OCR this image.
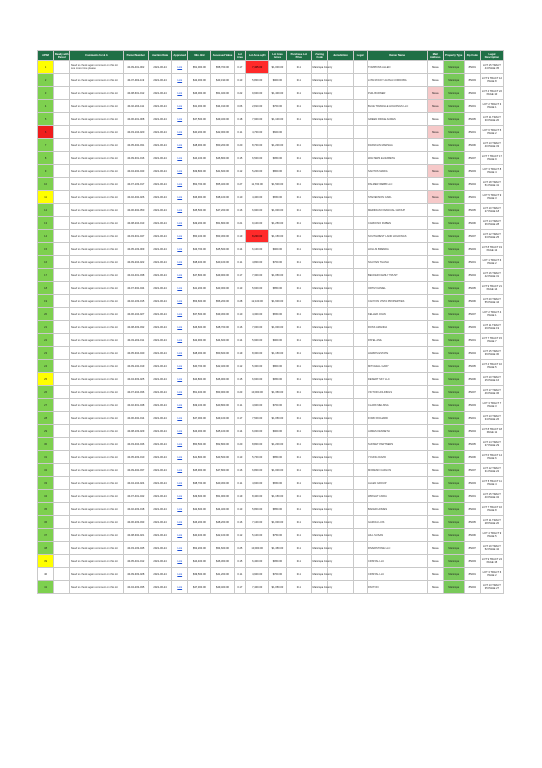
APN#	Ready with Parcel	Comments for & A	Parcel Number	Auction Date	Appraised	Min. Bid	Assessed Value	Lot Area	Lot Area sqFt	Lot Area Acres	Purchase Lot Price	Zoning Code	Jurisdiction	Legal	Owner Name	Mail Address	Property Type	Zip Code	Legal Description
1		Need to check again comment on this lot one more time please	40-09-401-002	2021-06-24	Link	$51,000.00	$58,700.00	0.17	7,405.00	$1,000.00	R-1	Maricopa County			TOMPKINS ALLEN	Mesa	Maricopa	85201	LOT 15 TRACT 44 PAGE 35
2		Need to check again comment on this lot	40-07-902-119	2021-06-24	Link	$42,300.00	$43,190.00	0.13	5,800.00	$900.00	R-1	Maricopa County			LOW ROCKY ALPHA CORDOBA	Mesa	Maricopa	85203	LOT 9 TRACT 12 PAGE 8
3		Need to check again comment on this lot	40-08-601-012	2021-06-24	Link	$46,000.00	$51,020.00	0.22	9,600.00	$1,400.00	R-1	Maricopa County			PHIL BURNER	Mesa	Maricopa	85204	LOT 4 TRACT 22 PAGE 10
4		Need to check again comment on this lot	40-02-204-411	2021-06-24	Link	$31,300.00	$34,010.00	0.06	2,810.00	$700.00	R-1	Maricopa County			BLUE TRIANGLE HOLDINGS LLC	Mesa	Maricopa	85201	LOT 2 TRACT 3 PAGE 1
5		Need to check again comment on this lot	40-06-201-008	2021-06-24	Link	$47,500.00	$49,320.00	0.18	7,900.00	$1,100.00	R-1	Maricopa County			GREEN RIDGE ACRES	Mesa	Maricopa	85205	LOT 11 TRACT 30 PAGE 20
6		Need to check again comment on this lot	40-03-104-020	2021-06-24	Link	$40,200.00	$42,000.00	0.11	4,700.00	$600.00						Mesa	Maricopa	85201	LOT 6 TRACT 5 PAGE 2
7		Need to check again comment on this lot	40-05-402-031	2021-06-24	Link	$48,900.00	$50,200.00	0.20	8,700.00	$1,200.00	R-1	Maricopa County			FRANKLIN MARSHA	Mesa	Maricopa	85206	LOT 13 TRACT 40 PAGE 33
8		Need to check again comment on this lot	40-09-301-016	2021-06-24	Link	$44,100.00	$46,800.00	0.15	6,500.00	$950.00	R-1	Maricopa County			WALTERS ELIZABETH	Mesa	Maricopa	85207	LOT 7 TRACT 17 PAGE 9
9		Need to check again comment on this lot	40-04-202-043	2021-06-24	Link	$39,800.00	$41,600.00	0.12	5,200.00	$800.00	R-1	Maricopa County			SANTOS MARIA	Mesa	Maricopa	85203	LOT 3 TRACT 8 PAGE 4
10		Need to check again comment on this lot	40-07-103-017	2021-06-24	Link	$52,700.00	$55,400.00	0.27	11,700.00	$1,500.00	R-1	Maricopa County			PALMER WEBB LLC	Mesa	Maricopa	85204	LOT 18 TRACT 51 PAGE 41
11		Need to check again comment on this lot	40-02-402-026	2021-06-24	Link	$36,900.00	$38,100.00	0.10	4,400.00	$650.00	R-1	Maricopa County			STEVENSON CARL	Mesa	Maricopa	85201	LOT 5 TRACT 9 PAGE 3
12		Need to check again comment on this lot	40-06-302-050	2021-06-24	Link	$45,500.00	$47,200.00	0.16	6,900.00	$1,000.00	R-1	Maricopa County			MERIDIAN FINANCIAL GROUP	Mesa	Maricopa	85205	LOT 10 TRACT 27 PAGE 18
13		Need to check again comment on this lot	40-08-204-013	2021-06-24	Link	$49,200.00	$51,800.00	0.21	9,100.00	$1,250.00	R-1	Maricopa County			CARDOSO RUBEN	Mesa	Maricopa	85206	LOT 14 TRACT 36 PAGE 28
14		Need to check again comment on this lot	40-03-301-047	2021-06-24	Link	$50,100.00	$53,300.00	0.19	8,200.00	$1,150.00	R-1	Maricopa County			SOUTHWEST LAND HOLDINGS	Mesa	Maricopa	85207	LOT 12 TRACT 33 PAGE 25
15		Need to check again comment on this lot	40-05-103-009	2021-06-24	Link	$43,700.00	$45,500.00	0.14	6,100.00	$900.00	R-1	Maricopa County			HOLLIS BRENDA	Mesa	Maricopa	85203	LOT 8 TRACT 19 PAGE 12
16		Need to check again comment on this lot	40-09-204-022	2021-06-24	Link	$38,400.00	$40,100.00	0.11	4,800.00	$700.00	R-1	Maricopa County			NGUYEN THANH	Mesa	Maricopa	85201	LOT 1 TRACT 6 PAGE 2
17		Need to check again comment on this lot	40-04-401-038	2021-06-24	Link	$47,800.00	$49,900.00	0.17	7,300.00	$1,050.00	R-1	Maricopa County			BECKER FAMILY TRUST	Mesa	Maricopa	85204	LOT 16 TRACT 42 PAGE 31
18		Need to check again comment on this lot	40-07-302-044	2021-06-24	Link	$41,200.00	$43,000.00	0.13	5,600.00	$850.00	R-1	Maricopa County			ORTIZ DANIEL	Mesa	Maricopa	85205	LOT 9 TRACT 21 PAGE 14
19		Need to check again comment on this lot	40-02-103-015	2021-06-24	Link	$53,600.00	$56,200.00	0.28	12,100.00	$1,600.00	R-1	Maricopa County			CANYON VISTA PROPERTIES	Mesa	Maricopa	85206	LOT 20 TRACT 55 PAGE 44
20		Need to check again comment on this lot	40-06-104-027	2021-06-24	Link	$37,500.00	$39,300.00	0.10	4,300.00	$650.00	R-1	Maricopa County			KELLER JOHN	Mesa	Maricopa	85207	LOT 2 TRACT 4 PAGE 1
21		Need to check again comment on this lot	40-08-403-032	2021-06-24	Link	$46,600.00	$48,700.00	0.16	7,000.00	$1,000.00	R-1	Maricopa County			ROSS AMANDA	Mesa	Maricopa	85203	LOT 11 TRACT 29 PAGE 19
22		Need to check again comment on this lot	40-03-202-011	2021-06-24	Link	$42,900.00	$44,600.00	0.14	5,900.00	$900.00	R-1	Maricopa County			PATEL ANIL	Mesa	Maricopa	85201	LOT 7 TRACT 15 PAGE 7
23		Need to check again comment on this lot	40-05-304-040	2021-06-24	Link	$48,300.00	$50,600.00	0.19	8,300.00	$1,150.00	R-1	Maricopa County			HARRIS ESTATE	Mesa	Maricopa	85204	LOT 15 TRACT 39 PAGE 30
24		Need to check again comment on this lot	40-09-102-019	2021-06-24	Link	$40,700.00	$42,400.00	0.12	5,300.00	$800.00	R-1	Maricopa County			MITCHELL GARY	Mesa	Maricopa	85205	LOT 4 TRACT 10 PAGE 5
25		Need to check again comment on this lot	40-04-303-025	2021-06-24	Link	$44,800.00	$46,900.00	0.15	6,600.00	$950.00	R-1	Maricopa County			DESERT SKY LLC	Mesa	Maricopa	85206	LOT 10 TRACT 25 PAGE 16
26		Need to check again comment on this lot	40-07-204-036	2021-06-24	Link	$51,400.00	$53,900.00	0.23	10,000.00	$1,350.00	R-1	Maricopa County			VICTOR HOLDINGS	Mesa	Maricopa	85207	LOT 17 TRACT 46 PAGE 36
27		Need to check again comment on this lot	40-02-301-048	2021-06-24	Link	$39,100.00	$40,800.00	0.11	4,900.00	$700.00	R-1	Maricopa County			CLARK MELISSA	Mesa	Maricopa	85203	LOT 3 TRACT 7 PAGE 3
28		Need to check again comment on this lot	40-06-402-014	2021-06-24	Link	$47,000.00	$49,100.00	0.17	7,500.00	$1,050.00	R-1	Maricopa County			FORD RICHARD	Mesa	Maricopa	85201	LOT 13 TRACT 34 PAGE 26
29		Need to check again comment on this lot	40-08-103-029	2021-06-24	Link	$43,300.00	$45,100.00	0.14	6,000.00	$900.00	R-1	Maricopa County			JAMES KENNETH	Mesa	Maricopa	85204	LOT 8 TRACT 18 PAGE 11
30		Need to check again comment on this lot	40-03-404-046	2021-06-24	Link	$50,500.00	$52,800.00	0.20	8,800.00	$1,200.00	R-1	Maricopa County			SUNSET PARTNERS	Mesa	Maricopa	85205	LOT 14 TRACT 37 PAGE 29
31		Need to check again comment on this lot	40-05-203-010	2021-06-24	Link	$41,800.00	$43,500.00	0.13	5,700.00	$850.00	R-1	Maricopa County			YOUNG DAVID	Mesa	Maricopa	85206	LOT 6 TRACT 14 PAGE 6
32		Need to check again comment on this lot	40-09-402-037	2021-06-24	Link	$45,900.00	$47,800.00	0.16	6,800.00	$1,000.00	R-1	Maricopa County			MORENO CARLOS	Mesa	Maricopa	85207	LOT 12 TRACT 31 PAGE 22
33		Need to check again comment on this lot	40-04-104-024	2021-06-24	Link	$38,700.00	$40,300.00	0.11	4,600.00	$650.00	R-1	Maricopa County			ALLEN GROUP	Mesa	Maricopa	85203	LOT 5 TRACT 11 PAGE 4
34		Need to check again comment on this lot	40-07-401-042	2021-06-24	Link	$49,600.00	$51,900.00	0.19	8,400.00	$1,150.00	R-1	Maricopa County			WRIGHT LINDA	Mesa	Maricopa	85201	LOT 15 TRACT 40 PAGE 32
35		Need to check again comment on this lot	40-02-203-018	2021-06-24	Link	$42,600.00	$44,400.00	0.13	5,800.00	$850.00	R-1	Maricopa County			BAKER HOMES	Mesa	Maricopa	85204	LOT 7 TRACT 16 PAGE 8
36		Need to check again comment on this lot	40-06-203-033	2021-06-24	Link	$46,200.00	$48,200.00	0.16	7,100.00	$1,000.00	R-1	Maricopa County			GARCIA LUIS	Mesa	Maricopa	85205	LOT 11 TRACT 28 PAGE 20
37		Need to check again comment on this lot	40-08-302-021	2021-06-24	Link	$40,400.00	$42,100.00	0.12	5,100.00	$750.00	R-1	Maricopa County			HILL SUSAN	Mesa	Maricopa	85206	LOT 4 TRACT 9 PAGE 5
38		Need to check again comment on this lot	40-03-103-045	2021-06-24	Link	$52,200.00	$54,600.00	0.25	10,900.00	$1,450.00	R-1	Maricopa County			RIVERSTONE LLC	Mesa	Maricopa	85207	LOT 19 TRACT 52 PAGE 42
39		Need to check again comment on this lot	40-05-401-012	2021-06-24	Link	$44,400.00	$46,300.00	0.15	6,400.00	$950.00	R-1	Maricopa County			CRISTAL LLC	Mesa	Maricopa	85203	LOT 9 TRACT 24 PAGE 15
40		Need to check again comment on this lot	40-09-303-028	2021-06-24	Link	$39,500.00	$41,200.00	0.11	4,900.00	$700.00	R-1	Maricopa County			CRISTAL LLC	Mesa	Maricopa	85201	LOT 3 TRACT 6 PAGE 2
41		Need to check again comment on this lot	40-04-203-035	2021-06-24	Link	$47,300.00	$49,400.00	0.17	7,400.00	$1,050.00	R-1	Maricopa County			PAXTON	Mesa	Maricopa	85204	LOT 13 TRACT 35 PAGE 27
